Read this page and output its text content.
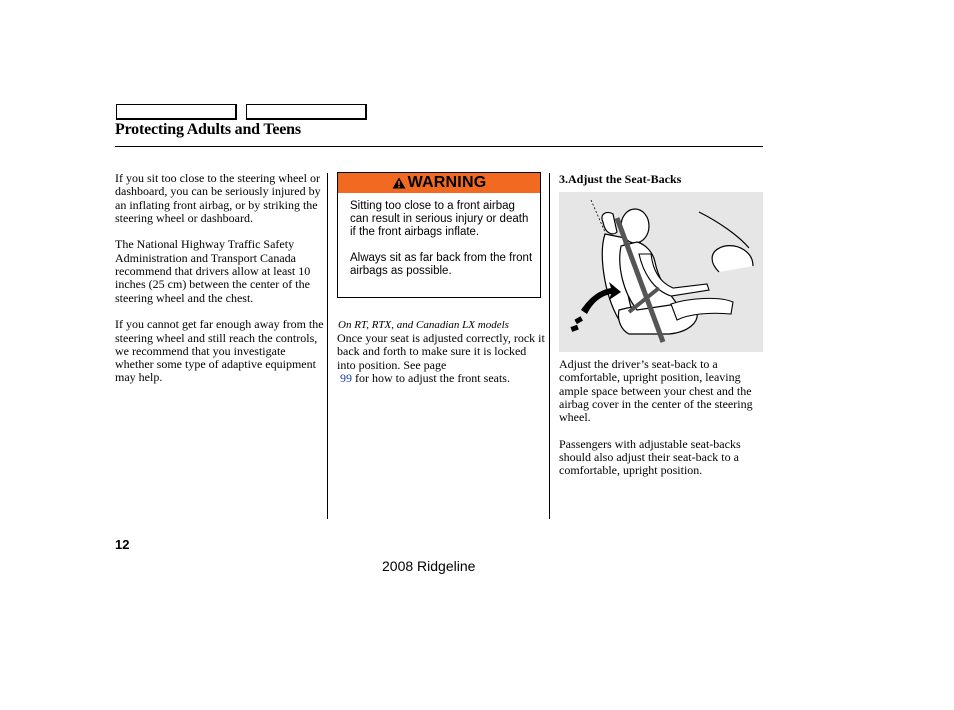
Protecting Adults and Teens

If you sit too close to the steering wheel or dashboard, you can be seriously injured by an inflating front airbag, or by striking the steering wheel or dashboard.

The National Highway Traffic Safety Administration and Transport Canada recommend that drivers allow at least 10 inches (25 cm) between the center of the steering wheel and the chest.

If you cannot get far enough away from the steering wheel and still reach the controls, we recommend that you investigate whether some type of adaptive equipment may help.

WARNING

Sitting too close to a front airbag can result in serious injury or death if the front airbags inflate.

Always sit as far back from the front airbags as possible.

On RT, RTX, and Canadian LX models

Once your seat is adjusted correctly, rock it back and forth to make sure it is locked into position. See page
99 for how to adjust the front seats.

3.Adjust the Seat-Backs

Adjust the driver’s seat-back to a comfortable, upright position, leaving ample space between your chest and the airbag cover in the center of the steering wheel.

Passengers with adjustable seat-backs should also adjust their seat-back to a comfortable, upright position.

12
2008 Ridgeline
